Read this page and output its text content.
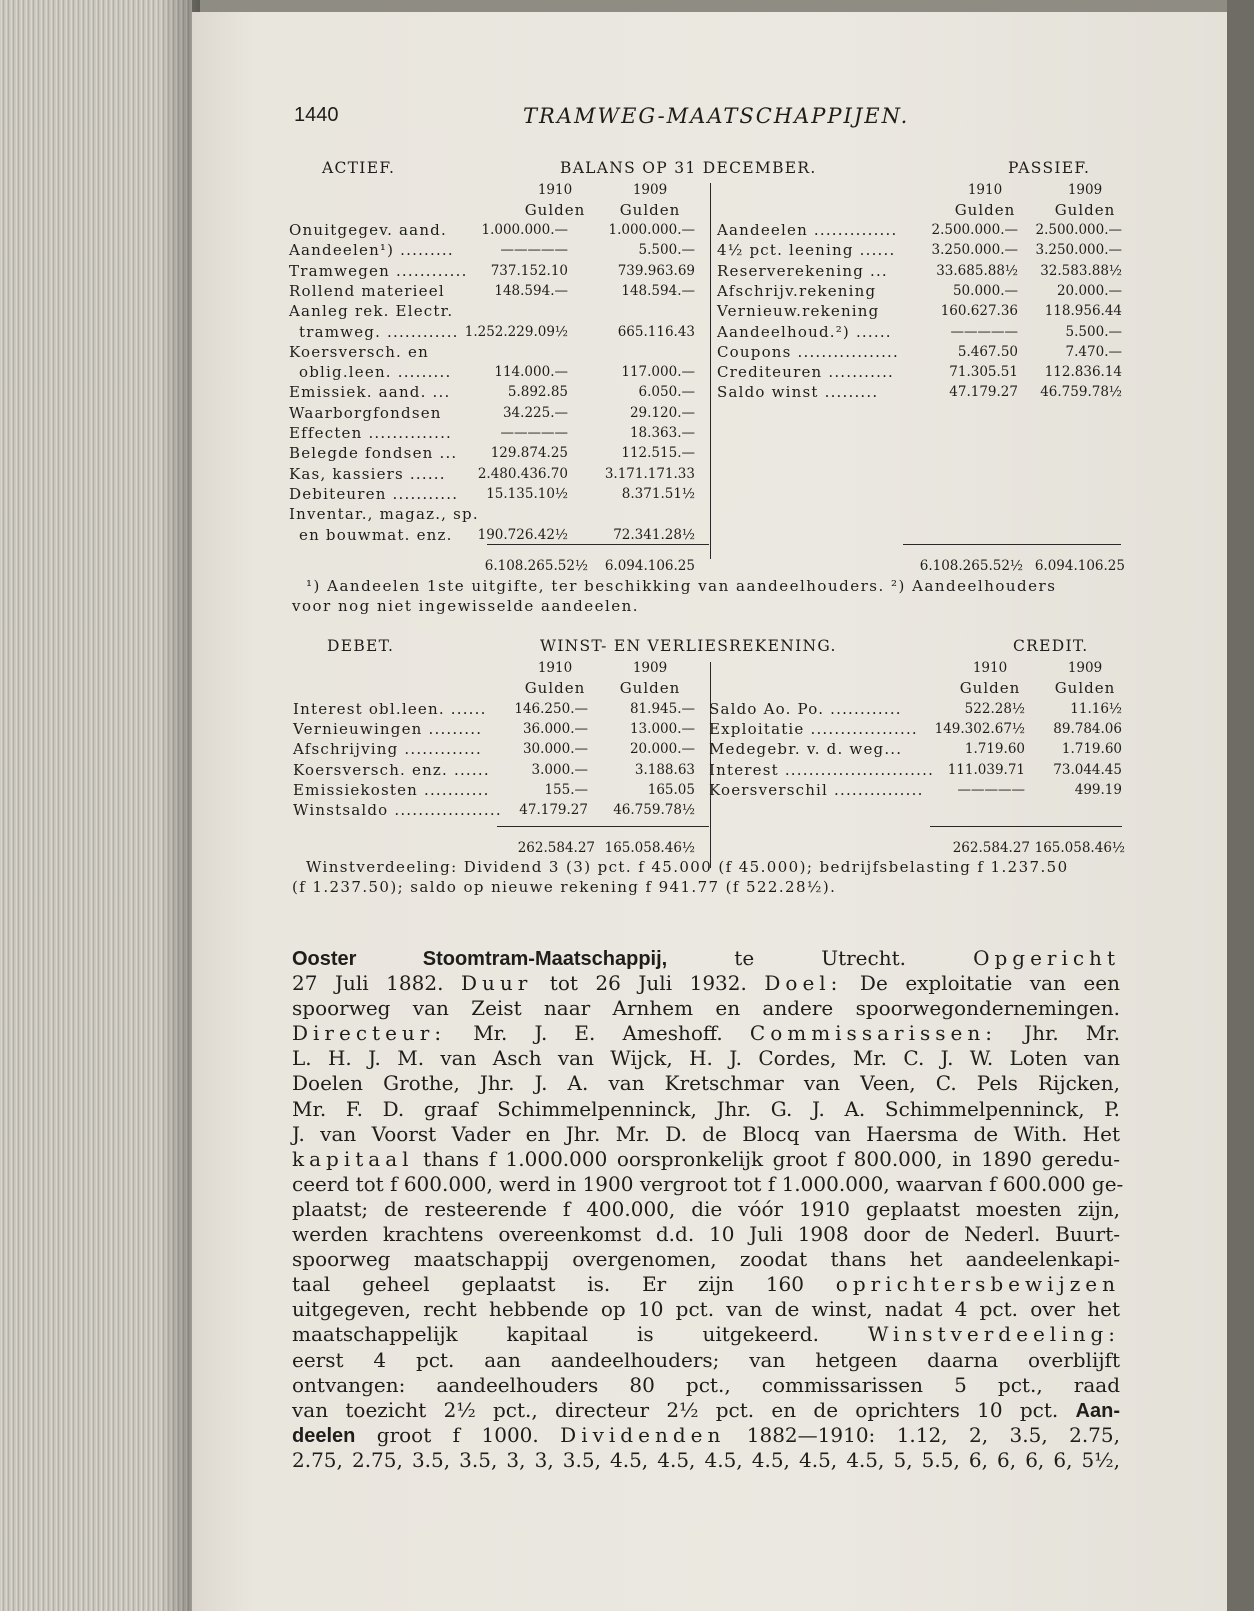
1440	TRAMWEG-MAATSCHAPPIJEN.
ACTIEF.	BALANS OP 31 DECEMBER.	PASSIEF.
1910	1909
Gulden	Gulden
1910	1909
Gulden	Gulden
Onuitgegev. aand.	1.000.000.—	1.000.000.—
Aandeelen¹) .........	—————	5.500.—
Tramwegen ............	737.152.10	739.963.69
Rollend materieel	148.594.—	148.594.—
Aanleg rek. Electr.
tramweg. ............ 1.252.229.09½	665.116.43
Koersversch. en
oblig.leen. .........	114.000.—	117.000.—
Emissiek. aand. ...	5.892.85	6.050.—
Waarborgfondsen	34.225.—	29.120.—
Effecten ..............	—————	18.363.—
Belegde fondsen ...	129.874.25	112.515.—
Kas, kassiers ......	2.480.436.70	3.171.171.33
Debiteuren ...........	15.135.10½	8.371.51½
Inventar., magaz., sp.
en bouwmat. enz.	190.726.42½	72.341.28½
Aandeelen ..............	2.500.000.—	2.500.000.—
4½ pct. leening ......	3.250.000.—	3.250.000.—
Reserverekening ...	33.685.88½	32.583.88½
Afschrijv.rekening	50.000.—	20.000.—
Vernieuw.rekening	160.627.36	118.956.44
Aandeelhoud.²) ......	—————	5.500.—
Coupons .................	5.467.50	7.470.—
Crediteuren ...........	71.305.51	112.836.14
Saldo winst .........	47.179.27	46.759.78½
6.108.265.52½	6.094.106.25	6.108.265.52½ 6.094.106.25
¹) Aandeelen 1ste uitgifte, ter beschikking van aandeelhouders. ²) Aandeelhouders
voor nog niet ingewisselde aandeelen.
DEBET.	WINST- EN VERLIESREKENING.	CREDIT.
1910	1909
Gulden	Gulden
1910	1909
Gulden	Gulden
Interest obl.leen. ......	146.250.—	81.945.—
Vernieuwingen .........	36.000.—	13.000.—
Afschrijving .............	30.000.—	20.000.—
Koersversch. enz. ......	3.000.—	3.188.63
Emissiekosten ...........	155.—	165.05
Winstsaldo ..................	47.179.27	46.759.78½
Saldo Ao. Po. ............	522.28½	11.16½
Exploitatie ..................	149.302.67½	89.784.06
Medegebr. v. d. weg...	1.719.60	1.719.60
Interest .........................	111.039.71	73.044.45
Koersverschil ...............	—————	499.19
262.584.27 165.058.46½	262.584.27 165.058.46½
Winstverdeeling: Dividend 3 (3) pct. f 45.000 (f 45.000); bedrijfsbelasting f 1.237.50
(f 1.237.50); saldo op nieuwe rekening f 941.77 (f 522.28½).
Ooster Stoomtram-Maatschappij, te Utrecht. Opgericht
27 Juli 1882. Duur tot 26 Juli 1932. Doel: De exploitatie van een
spoorweg van Zeist naar Arnhem en andere spoorwegondernemingen.
Directeur: Mr. J. E. Ameshoff. Commissarissen: Jhr. Mr.
L. H. J. M. van Asch van Wijck, H. J. Cordes, Mr. C. J. W. Loten van
Doelen Grothe, Jhr. J. A. van Kretschmar van Veen, C. Pels Rijcken,
Mr. F. D. graaf Schimmelpenninck, Jhr. G. J. A. Schimmelpenninck, P.
J. van Voorst Vader en Jhr. Mr. D. de Blocq van Haersma de With. Het
kapitaal thans f 1.000.000 oorspronkelijk groot f 800.000, in 1890 geredu-
ceerd tot f 600.000, werd in 1900 vergroot tot f 1.000.000, waarvan f 600.000 ge-
plaatst; de resteerende f 400.000, die vóór 1910 geplaatst moesten zijn,
werden krachtens overeenkomst d.d. 10 Juli 1908 door de Nederl. Buurt-
spoorweg maatschappij overgenomen, zoodat thans het aandeelenkapi-
taal geheel geplaatst is. Er zijn 160 oprichtersbewijzen
uitgegeven, recht hebbende op 10 pct. van de winst, nadat 4 pct. over het
maatschappelijk kapitaal is uitgekeerd. Winstverdeeling:
eerst 4 pct. aan aandeelhouders; van hetgeen daarna overblijft
ontvangen: aandeelhouders 80 pct., commissarissen 5 pct., raad
van toezicht 2½ pct., directeur 2½ pct. en de oprichters 10 pct. Aan-
deelen groot f 1000. Dividenden 1882—1910: 1.12, 2, 3.5, 2.75,
2.75, 2.75, 3.5, 3.5, 3, 3, 3.5, 4.5, 4.5, 4.5, 4.5, 4.5, 4.5, 5, 5.5, 6, 6, 6, 6, 5½,
